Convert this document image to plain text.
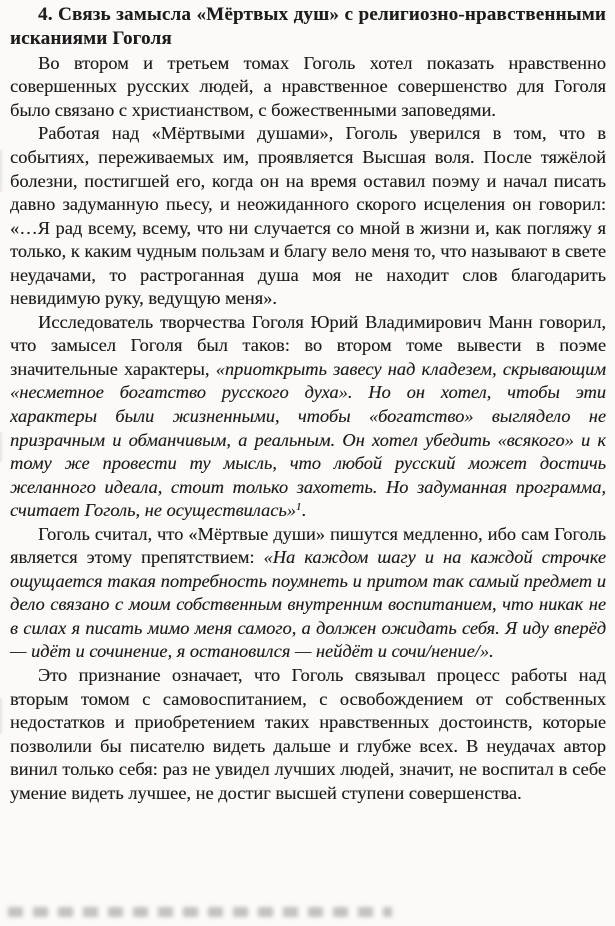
4. Связь замысла «Мёртвых душ» с религиозно-нравственными исканиями Гоголя

Во втором и третьем томах Гоголь хотел показать нравственно совершенных русских людей, а нравственное совершенство для Гоголя было связано с христианством, с божественными заповедями.

Работая над «Мёртвыми душами», Гоголь уверился в том, что в событиях, переживаемых им, проявляется Высшая воля. После тяжёлой болезни, постигшей его, когда он на время оставил поэму и начал писать давно задуманную пьесу, и неожиданного скорого исцеления он говорил: «…Я рад всему, всему, что ни случается со мной в жизни и, как погляжу я только, к каким чудным пользам и благу вело меня то, что называют в свете неудачами, то растроганная душа моя не находит слов благодарить невидимую руку, ведущую меня».

Исследователь творчества Гоголя Юрий Владимирович Манн говорил, что замысел Гоголя был таков: во втором томе вывести в поэме значительные характеры, «приоткрыть завесу над кладезем, скрывающим «несметное богатство русского духа». Но он хотел, чтобы эти характеры были жизненными, чтобы «богатство» выглядело не призрачным и обманчивым, а реальным. Он хотел убедить «всякого» и к тому же провести ту мысль, что любой русский может достичь желанного идеала, стоит только захотеть. Но задуманная программа, считает Гоголь, не осуществилась»$^1$.

Гоголь считал, что «Мёртвые души» пишутся медленно, ибо сам Гоголь является этому препятствием: «На каждом шагу и на каждой строчке ощущается такая потребность поумнеть и притом так самый предмет и дело связано с моим собственным внутренним воспитанием, что никак не в силах я писать мимо меня самого, а должен ожидать себя. Я иду вперёд — идёт и сочинение, я остановился — нейдёт и сочи/нение/».

Это признание означает, что Гоголь связывал процесс работы над вторым томом с самовоспитанием, с освобождением от собственных недостатков и приобретением таких нравственных достоинств, которые позволили бы писателю видеть дальше и глубже всех. В неудачах автор винил только себя: раз не увидел лучших людей, значит, не воспитал в себе умение видеть лучшее, не достиг высшей ступени совершенства.
